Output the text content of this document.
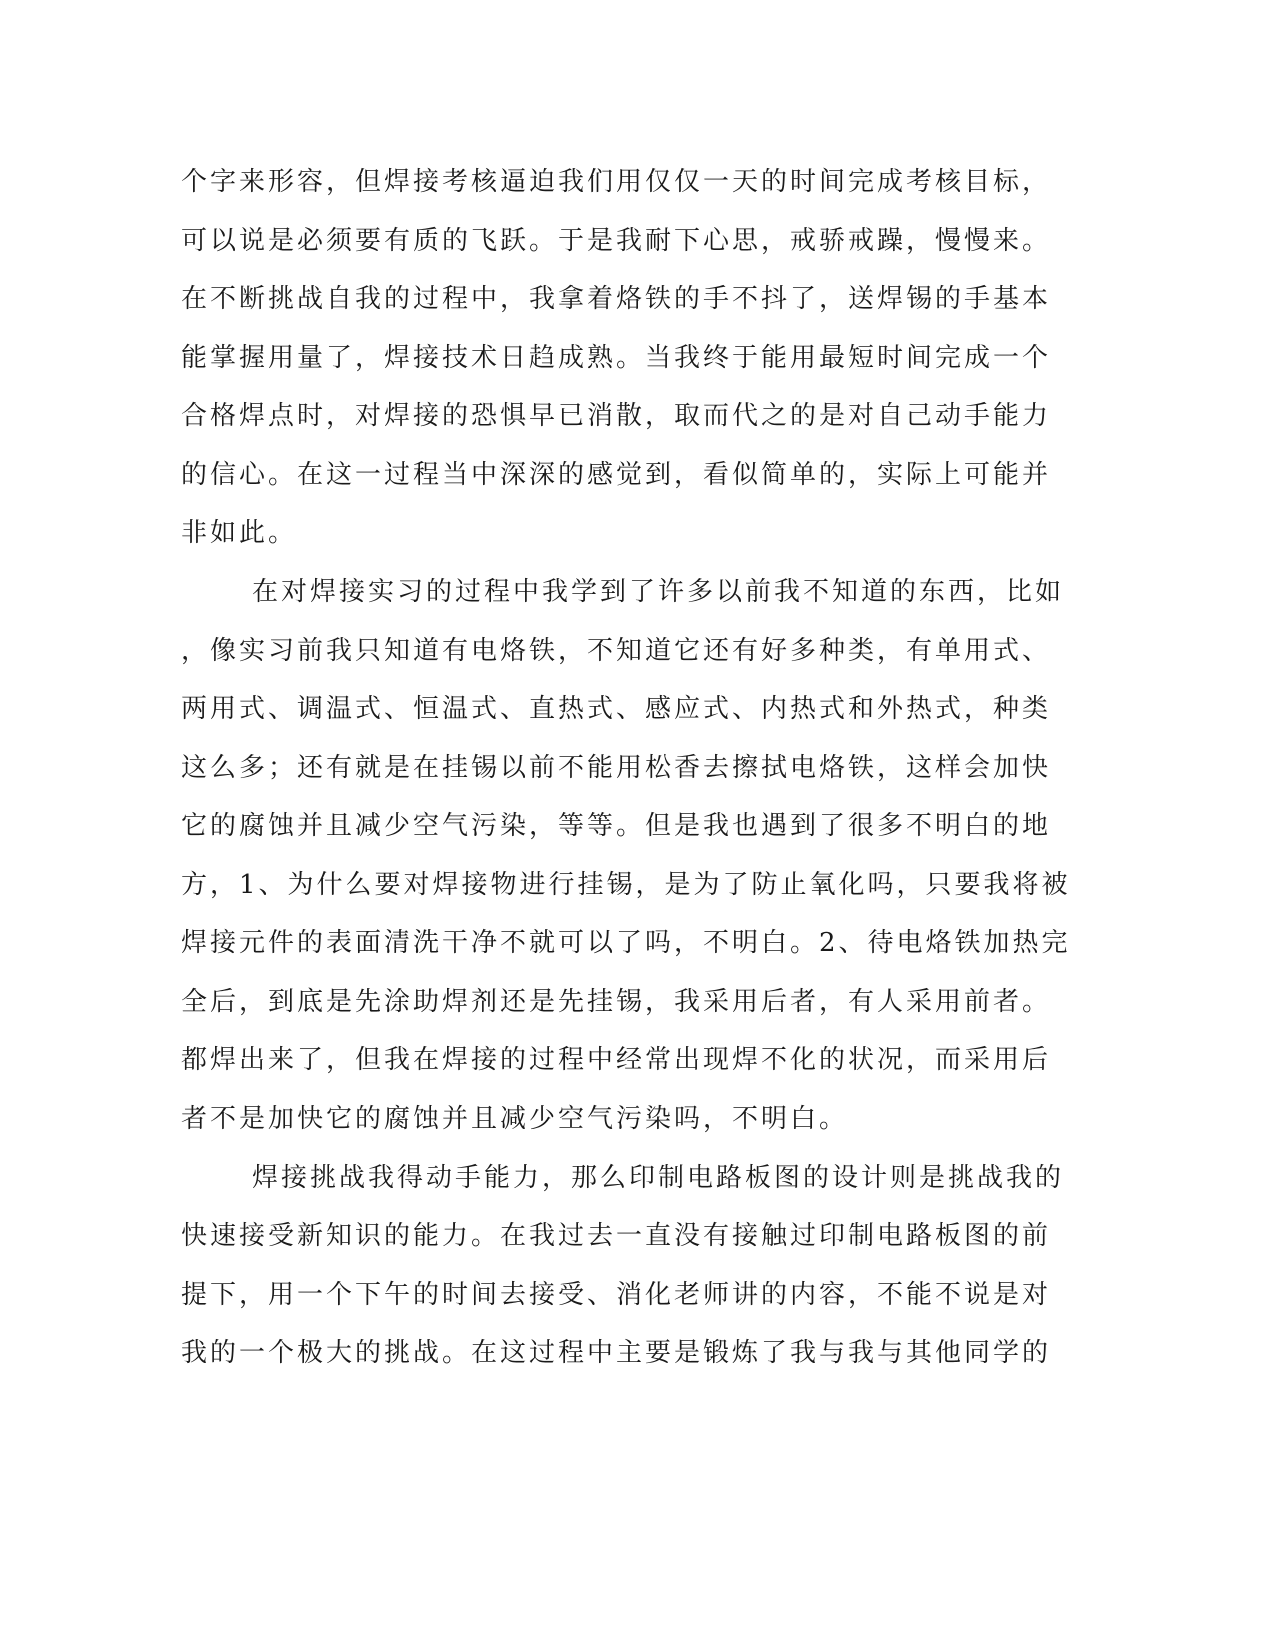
个字来形容，但焊接考核逼迫我们用仅仅一天的时间完成考核目标，
可以说是必须要有质的飞跃。于是我耐下心思，戒骄戒躁，慢慢来。
在不断挑战自我的过程中，我拿着烙铁的手不抖了，送焊锡的手基本
能掌握用量了，焊接技术日趋成熟。当我终于能用最短时间完成一个
合格焊点时，对焊接的恐惧早已消散，取而代之的是对自己动手能力
的信心。在这一过程当中深深的感觉到，看似简单的，实际上可能并
非如此。
在对焊接实习的过程中我学到了许多以前我不知道的东西，比如
，像实习前我只知道有电烙铁，不知道它还有好多种类，有单用式、
两用式、调温式、恒温式、直热式、感应式、内热式和外热式，种类
这么多；还有就是在挂锡以前不能用松香去擦拭电烙铁，这样会加快
它的腐蚀并且减少空气污染，等等。但是我也遇到了很多不明白的地
方，1、为什么要对焊接物进行挂锡，是为了防止氧化吗，只要我将被
焊接元件的表面清洗干净不就可以了吗，不明白。2、待电烙铁加热完
全后，到底是先涂助焊剂还是先挂锡，我采用后者，有人采用前者。
都焊出来了，但我在焊接的过程中经常出现焊不化的状况，而采用后
者不是加快它的腐蚀并且减少空气污染吗，不明白。
焊接挑战我得动手能力，那么印制电路板图的设计则是挑战我的
快速接受新知识的能力。在我过去一直没有接触过印制电路板图的前
提下，用一个下午的时间去接受、消化老师讲的内容，不能不说是对
我的一个极大的挑战。在这过程中主要是锻炼了我与我与其他同学的
